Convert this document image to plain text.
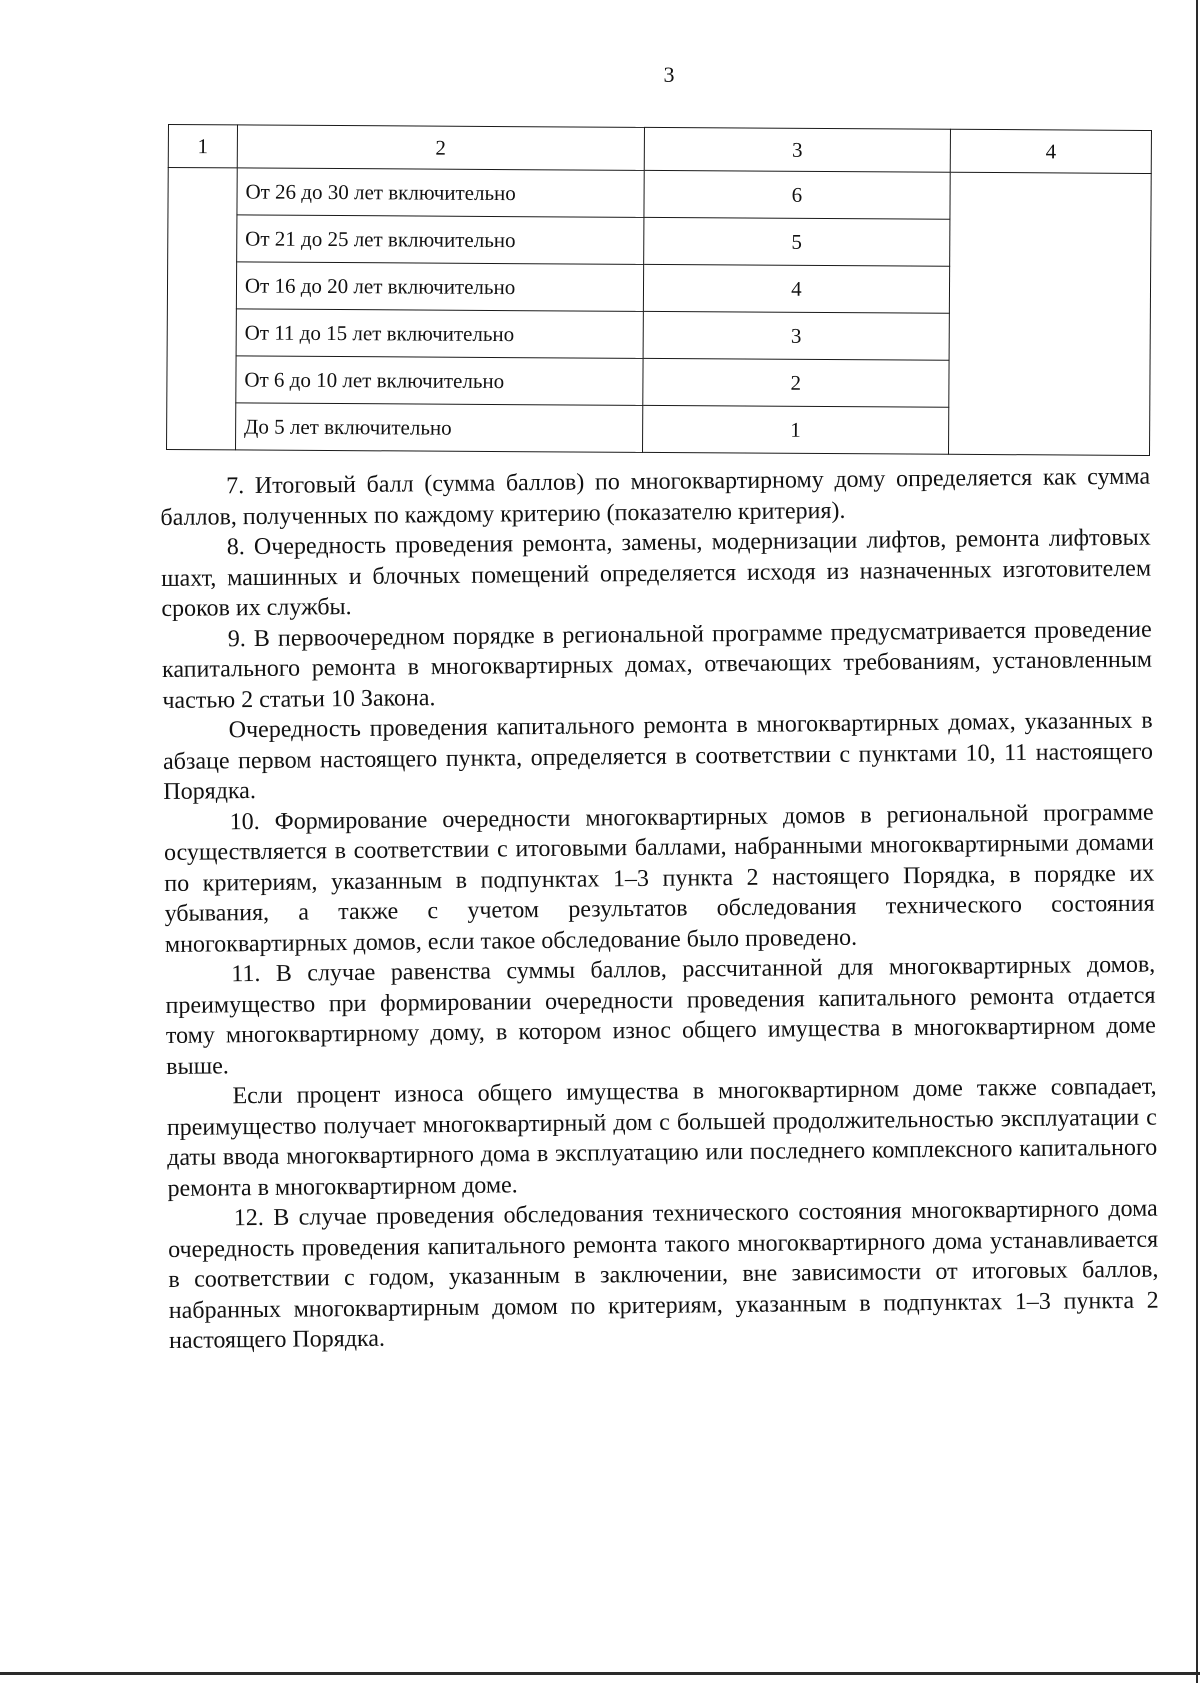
3
1	2	3	4
	От 26 до 30 лет включительно	6	
	От 21 до 25 лет включительно	5	
	От 16 до 20 лет включительно	4	
	От 11 до 15 лет включительно	3	
	От 6 до 10 лет включительно	2	
	До 5 лет включительно	1	

7. Итоговый балл (сумма баллов) по многоквартирному дому определяется как сумма баллов, полученных по каждому критерию (показателю критерия).

8. Очередность проведения ремонта, замены, модернизации лифтов, ремонта лифтовых шахт, машинных и блочных помещений определяется исходя из назначенных изготовителем сроков их службы.

9. В первоочередном порядке в региональной программе предусматривается проведение капитального ремонта в многоквартирных домах, отвечающих требованиям, установленным частью 2 статьи 10 Закона.

Очередность проведения капитального ремонта в многоквартирных домах, указанных в абзаце первом настоящего пункта, определяется в соответствии с пунктами 10, 11 настоящего Порядка.

10. Формирование очередности многоквартирных домов в региональной программе осуществляется в соответствии с итоговыми баллами, набранными многоквартирными домами по критериям, указанным в подпунктах 1–3 пункта 2 настоящего Порядка, в порядке их убывания, а также с учетом результатов обследования технического состояния многоквартирных домов, если такое обследование было проведено.

11. В случае равенства суммы баллов, рассчитанной для многоквартирных домов, преимущество при формировании очередности проведения капитального ремонта отдается тому многоквартирному дому, в котором износ общего имущества в многоквартирном доме выше.

Если процент износа общего имущества в многоквартирном доме также совпадает, преимущество получает многоквартирный дом с большей продолжительностью эксплуатации с даты ввода многоквартирного дома в эксплуатацию или последнего комплексного капитального ремонта в многоквартирном доме.

12. В случае проведения обследования технического состояния многоквартирного дома очередность проведения капитального ремонта такого многоквартирного дома устанавливается в соответствии с годом, указанным в заключении, вне зависимости от итоговых баллов, набранных многоквартирным домом по критериям, указанным в подпунктах 1–3 пункта 2 настоящего Порядка.
